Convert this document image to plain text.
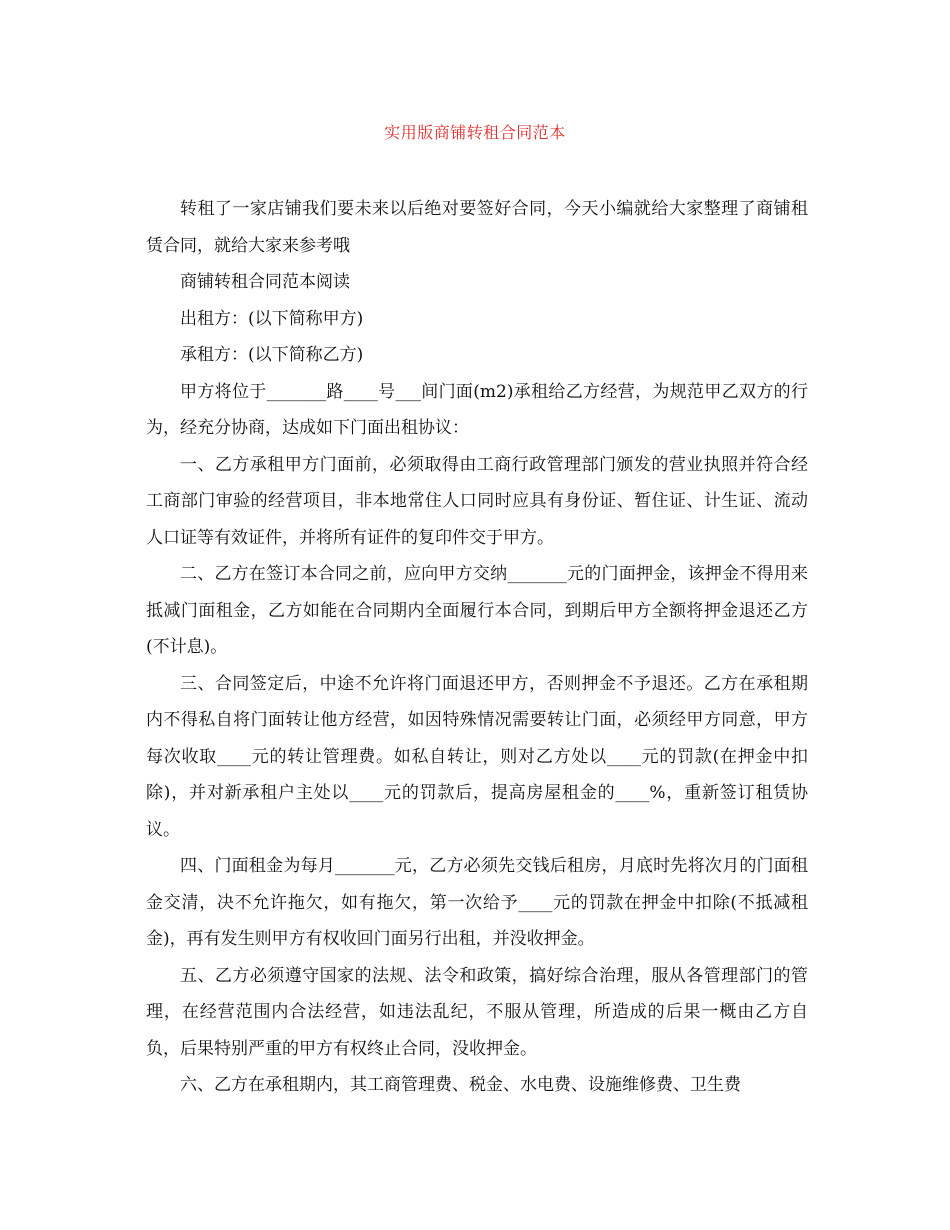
实用版商铺转租合同范本

转租了一家店铺我们要未来以后绝对要签好合同，今天小编就给大家整理了商铺租赁合同，就给大家来参考哦

商铺转租合同范本阅读

出租方：(以下简称甲方)

承租方：(以下简称乙方)

甲方将位于_______路____号___间门面(m2)承租给乙方经营，为规范甲乙双方的行为，经充分协商，达成如下门面出租协议：

一、乙方承租甲方门面前，必须取得由工商行政管理部门颁发的营业执照并符合经工商部门审验的经营项目，非本地常住人口同时应具有身份证、暂住证、计生证、流动人口证等有效证件，并将所有证件的复印件交于甲方。

二、乙方在签订本合同之前，应向甲方交纳_______元的门面押金，该押金不得用来抵减门面租金，乙方如能在合同期内全面履行本合同，到期后甲方全额将押金退还乙方(不计息)。

三、合同签定后，中途不允许将门面退还甲方，否则押金不予退还。乙方在承租期内不得私自将门面转让他方经营，如因特殊情况需要转让门面，必须经甲方同意，甲方每次收取____元的转让管理费。如私自转让，则对乙方处以____元的罚款(在押金中扣除)，并对新承租户主处以____元的罚款后，提高房屋租金的____%，重新签订租赁协议。

四、门面租金为每月_______元，乙方必须先交钱后租房，月底时先将次月的门面租金交清，决不允许拖欠，如有拖欠，第一次给予____元的罚款在押金中扣除(不抵减租金)，再有发生则甲方有权收回门面另行出租，并没收押金。

五、乙方必须遵守国家的法规、法令和政策，搞好综合治理，服从各管理部门的管理，在经营范围内合法经营，如违法乱纪，不服从管理，所造成的后果一概由乙方自负，后果特别严重的甲方有权终止合同，没收押金。

六、乙方在承租期内，其工商管理费、税金、水电费、设施维修费、卫生费
